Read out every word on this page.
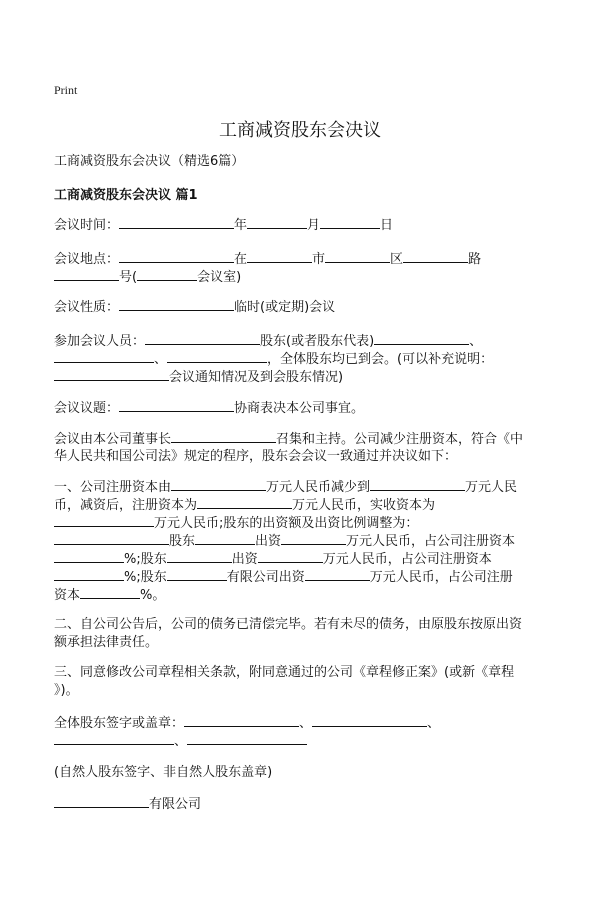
Print
工商减资股东会决议
工商减资股东会决议（精选6篇）
工商减资股东会决议 篇1
会议时间：	年	月	日
会议地点：	在	市	区	路
号(	会议室)
会议性质：	临时(或定期)会议
参加会议人员：	股东(或者股东代表)	、
、	，全体股东均已到会。(可以补充说明：
会议通知情况及到会股东情况)
会议议题：	协商表决本公司事宜。
会议由本公司董事长	召集和主持。公司减少注册资本，符合《中
华人民共和国公司法》规定的程序，股东会会议一致通过并决议如下：
一、公司注册资本由	万元人民币减少到	万元人民
币，减资后，注册资本为	万元人民币，实收资本为
万元人民币;股东的出资额及出资比例调整为：
股东	出资	万元人民币，占公司注册资本
%;股东	出资	万元人民币，占公司注册资本
%;股东	有限公司出资	万元人民币，占公司注册
资本	%。
二、自公司公告后，公司的债务已清偿完毕。若有未尽的债务，由原股东按原出资
额承担法律责任。
三、同意修改公司章程相关条款，附同意通过的公司《章程修正案》(或新《章程
》)。
全体股东签字或盖章：	、	、
、
(自然人股东签字、非自然人股东盖章)
有限公司
